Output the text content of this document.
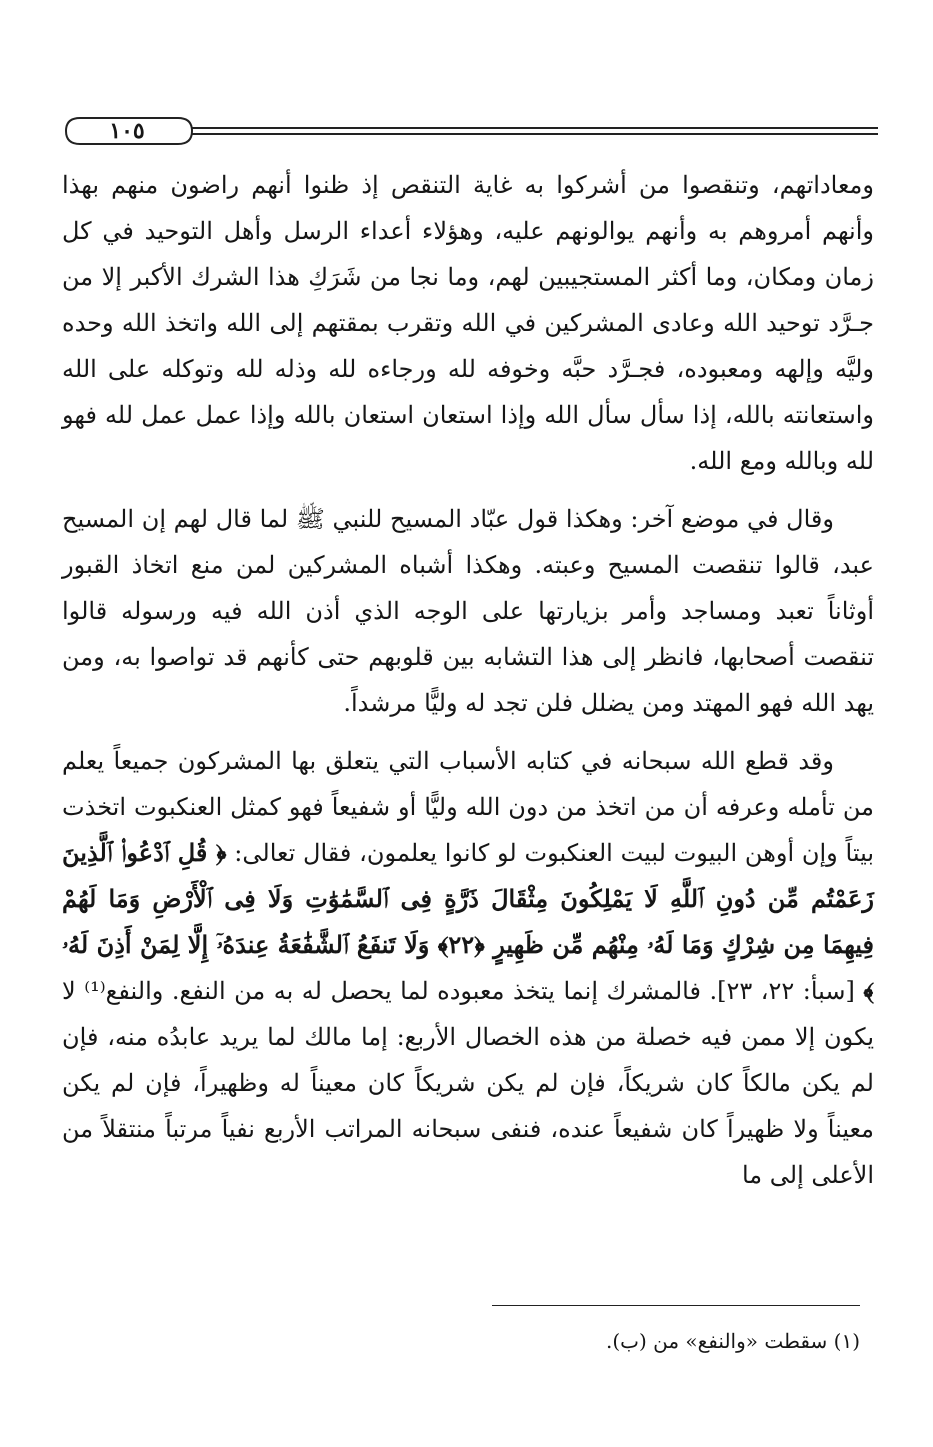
١٠٥

ومعاداتهم، وتنقصوا من أشركوا به غاية التنقص إذ ظنوا أنهم راضون منهم بهذا وأنهم أمروهم به وأنهم يوالونهم عليه، وهؤلاء أعداء الرسل وأهل التوحيد في كل زمان ومكان، وما أكثر المستجيبين لهم، وما نجا من شَرَكِ هذا الشرك الأكبر إلا من جـرَّد توحيد الله وعادى المشركين في الله وتقرب بمقتهم إلى الله واتخذ الله وحده وليَّه وإلهه ومعبوده، فجـرَّد حبَّه وخوفه لله ورجاءه لله وذله لله وتوكله على الله واستعانته بالله، إذا سأل سأل الله وإذا استعان استعان بالله وإذا عمل عمل لله فهو لله وبالله ومع الله.

وقال في موضع آخر: وهكذا قول عبّاد المسيح للنبي ﷺ لما قال لهم إن المسيح عبد، قالوا تنقصت المسيح وعبته. وهكذا أشباه المشركين لمن منع اتخاذ القبور أوثاناً تعبد ومساجد وأمر بزيارتها على الوجه الذي أذن الله فيه ورسوله قالوا تنقصت أصحابها، فانظر إلى هذا التشابه بين قلوبهم حتى كأنهم قد تواصوا به، ومن يهد الله فهو المهتد ومن يضلل فلن تجد له وليًّا مرشداً.

وقد قطع الله سبحانه في كتابه الأسباب التي يتعلق بها المشركون جميعاً يعلم من تأمله وعرفه أن من اتخذ من دون الله وليًّا أو شفيعاً فهو كمثل العنكبوت اتخذت بيتاً وإن أوهن البيوت لبيت العنكبوت لو كانوا يعلمون، فقال تعالى: ﴿ قُلِ ٱدْعُوا۟ ٱلَّذِينَ زَعَمْتُم مِّن دُونِ ٱللَّهِ لَا يَمْلِكُونَ مِثْقَالَ ذَرَّةٍ فِى ٱلسَّمَٰوَٰتِ وَلَا فِى ٱلْأَرْضِ وَمَا لَهُمْ فِيهِمَا مِن شِرْكٍ وَمَا لَهُۥ مِنْهُم مِّن ظَهِيرٍ ﴿٢٢﴾ وَلَا تَنفَعُ ٱلشَّفَٰعَةُ عِندَهُۥٓ إِلَّا لِمَنْ أَذِنَ لَهُۥ ﴾ [سبأ: ٢٢، ٢٣]. فالمشرك إنما يتخذ معبوده لما يحصل له به من النفع. والنفع⁽¹⁾ لا يكون إلا ممن فيه خصلة من هذه الخصال الأربع: إما مالك لما يريد عابدُه منه، فإن لم يكن مالكاً كان شريكاً، فإن لم يكن شريكاً كان معيناً له وظهيراً، فإن لم يكن معيناً ولا ظهيراً كان شفيعاً عنده، فنفى سبحانه المراتب الأربع نفياً مرتباً منتقلاً من الأعلى إلى ما

(١) سقطت «والنفع» من (ب).
